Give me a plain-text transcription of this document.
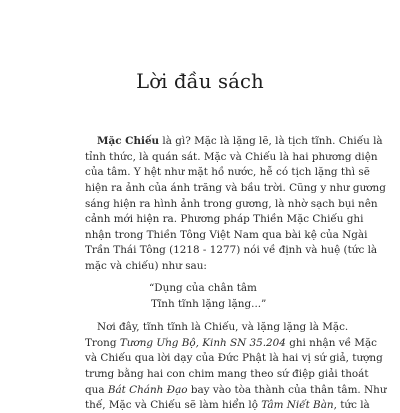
Lời đầu sách
Mặc Chiếu là gì? Mặc là lặng lẽ, là tịch tĩnh. Chiếu là
tỉnh thức, là quán sát. Mặc và Chiếu là hai phương diện
của tâm. Y hệt như mặt hồ nước, hễ có tịch lặng thì sẽ
hiện ra ảnh của ánh trăng và bầu trời. Cũng y như gương
sáng hiện ra hình ảnh trong gương, là nhờ sạch bụi nên
cảnh mới hiện ra. Phương pháp Thiền Mặc Chiếu ghi
nhận trong Thiền Tông Việt Nam qua bài kệ của Ngài
Trần Thái Tông (1218 - 1277) nói về định và huệ (tức là
mặc và chiếu) như sau:
“Dụng của chân tâm
Tĩnh tĩnh lặng lặng...”
Nơi đây, tĩnh tĩnh là Chiếu, và lặng lặng là Mặc.
Trong Tương Ưng Bộ, Kinh SN 35.204 ghi nhận về Mặc
và Chiếu qua lời dạy của Đức Phật là hai vị sứ giả, tượng
trưng bằng hai con chim mang theo sứ điệp giải thoát
qua Bát Chánh Đạo bay vào tòa thành của thân tâm. Như
thế, Mặc và Chiếu sẽ làm hiển lộ Tâm Niết Bàn, tức là
